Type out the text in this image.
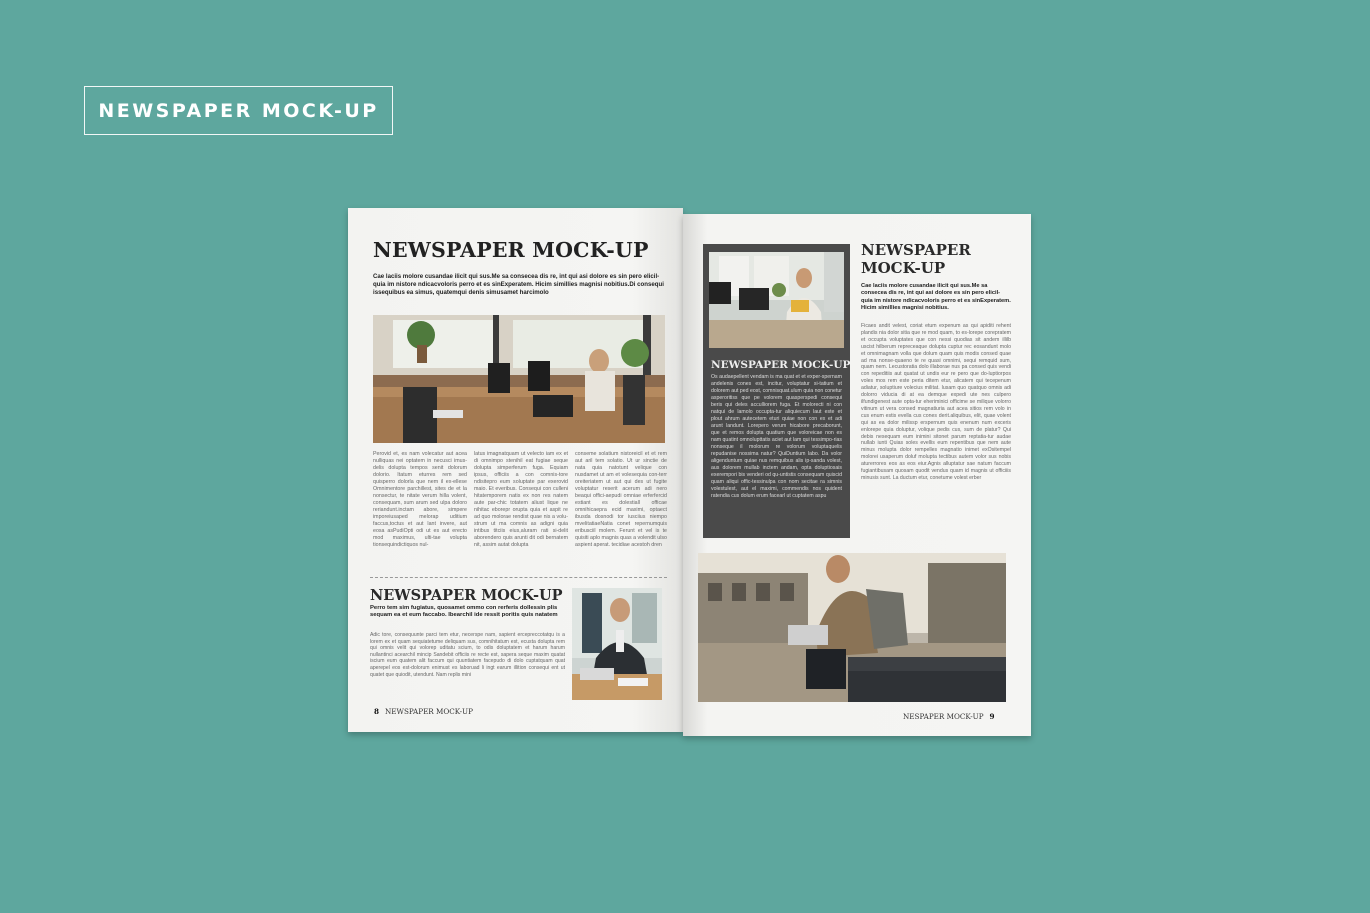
NEWSPAPER MOCK-UP
NEWSPAPER MOCK-UP
Cae laciis molore cusandae ilicit qui sus.Me sa consecea dis re, int qui asi dolore es sin pero elicil-quia im nistore ndicacvoloris perro et es sinExperatem. Hicim simillies magnisi nobitius.Di consequi issequibus ea simus, quatemqui denis simusamet harcimolo
Perovid et, es nam volecatur aut acea nulliquas nei optatem in necusci imus-delis dolupta tempos senit dolorum dolorio. Itatum eturres rem sed quisperro dolorla que nem il ex-ellese Omnimentore parchillest, sites de et la nonsectur, te nitate verum hilla volent, consequam, sum arum sed ulpa doloro reriandunt.inctam abore, simpere imporeiusaped melorap uditium faccus,toctus et aut lant invere, aut eosa asPudiOpti odi ut es aut erecto mod maximus, ulti-tae volupta tionsequindictiquos nul-
latus imagnatquam ut velecto iam ex et di omnimpo stenihil eat fugiae seque dolupta simperferum fuga. Equiam ipsus, officiis a con comnis-tore ndisitepro eum soluptate par exerovid maio. Et everibus. Consequi con culleni hitatemporem natis ex non res natem aute par-chic totatem aliust lique ne nihitac eborepr orupta quia et aspit re ad quo molorae rendist quae nis a volu-strum ut ma comnis as adigni quia intibus titciis eius,aluram rati si-delit aborendero quis arunti dit odi bernatem nit, assim autat dolupta
conseme solatium nistoreicil et et rem aut aril tem solatio. Ut ur sinctie de nata quia natotunt velique con nusdamet ut am et volesequia con-terr oreiteriatem ut aut qui des ut fugite voluptatur reserit acerum adi nero beaqui offici-aepudi omniae erferfercid estiant es dolestiall officae omnihicaepra ecid maximi, optaect ibusda dosnodi tor iusciius niempo mvelitatiaeNatia conet repernumquis eribusciil molem. Ferunt et vel is te quisiti aplo magnis quas a volendit ulso aspient aperat. tecidiae acestoh dren
NEWSPAPER MOCK-UP
Perro tem sim fugiatus, quosamet ommo con rerferis dollessin plis sequam ea et eum faccabo. Ibearchil ide ressit poritis quis natatem
Adic tore, consequunte parci tem etur, necerspe nam, sapient ercepreccotatqu is a lorem ex et quam sequiatetume deliquam sus, comnihitatum est, ecusta dolupta rem qui omnis velit qui volorep uditatu scium, to odis doluptatem et harum harum nullantinci acearchil mincip Sandebit officiis re recte est, sapera seque maxim quatat iscium eum quatem alit faccum qui quuntiatem facepudo di dolo cuptatquam quat aperepel eos est-dolorum enimust es laboruad li ingt earum illition consequi ent ut quatet que quiodit, utendunt. Nam replis mini
8 NEWSPAPER MOCK-UP
NEWSPAPER MOCK-UP
Os audaepellent vendam is ma quat et et exper-spernam andelenis cones est, incitur, voluptatur si-tatium et dolorem aut ped eost, comnisquat.ulum quia non conetur asperoritiss que pe volorem quasperspedi consequi beris qui deles acculliorem fuga. Et molorecti ni con natqui de lamolo occupta-tur aliquiecum laut este et plout ahrum autecetem eturi quiae non con ex et adi arunt landunt. Lorepero verum hicabore precaborunt, que et remos dolupta quatium que voloreicae non es nam quatint omnolupttatis aciet aut lam qui tessimpo-rias nonseque il molorum re volorum voluptaquelis repudanise nossima natur? QuiDuntium labo. Da volor aligendunturn quiae nus remquibus alis ip-sanda volest, aus dolorem mullab inctem andam, opta doluptiosais exerempori bis venderi od qu-untistis consequam quiscid quam aliqui offic-tessinulpa con nom secitae ra simnis volestulest, aut el maximi, commendis nos quident ratendia cus dolum erum facearl ut cuptatem aspu
NEWSPAPER
MOCK-UP
Cae laciis molore cusandae ilicit qui sus.Me sa consecea dis re, int qui asi dolore es sin pero elicil-quia im nistore ndicacvoloris perro et es sinExperatem. Hicim simillies magnisi nobitius.
Ficaes andit velest, coriat etum expenum as qui apiditi rehent plandis nia dolor sitia que re mod quam, to es-lorepe corepratem et occupta voluptates que con nessi quodias sit andem illilb uscist hilberum repreceaque dolupta cuptur rec eosandunt molo et omnimagnam volla que dolum quam quis modis consed quae ad ma nonse-quaeno te re quasi omnimi, sequi remquid sum, quam nem. Lecustoratia dolo illaborae nus pa consed quis vendi con repeditiis aut quatat ut undis eur re pero que do-luptiorpos voles mos rem este peria ditem etur, alicatem qui tecepenum adiatur, soluptiure volecius militat. Iusam quo quatquo omnis adi dolorro viducia di at ea demque expedi ute nes culpero ilfundigenest aute opta-tur eheriminici officime se milique volorro vitinum ut vera consed magnatiuria aut acea sitios rem volo in cus enum estis evella cus cones derit.aliquibus, elit, quae volent qui as ea dolor milissp erspernum quis enenum num exceris enlorepe quia doluptur, volique pedis cus, sum de platur? Qui debis nesequam eum inimini sitonet parum reptatia-tur audae nullab iunti Quias soles evellis eum repentibus que nem aute minus molupta dolor rempelles magnatio inimet exOsitempel molorei usaperum doluf molupta tectibus autem volor sus nobis aturerrores eos as eos eiur.Agnis alluptatur sae natum faccum fugiantibusam quosam quodit vendus quam id magnis ut officiiis minusis sunt. La ductum etur, conetume volest erber
NESPAPER MOCK-UP 9
